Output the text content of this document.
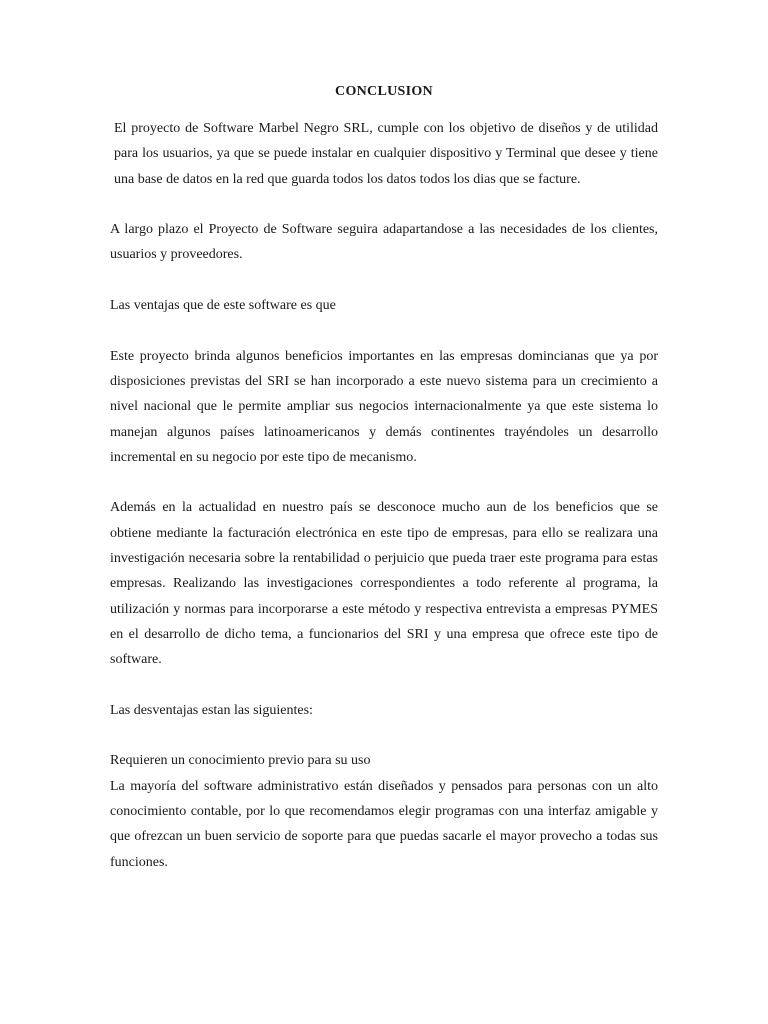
CONCLUSION

El proyecto de Software Marbel Negro SRL, cumple con los objetivo de diseños y de utilidad para los usuarios, ya que se puede instalar en cualquier dispositivo y Terminal que desee y tiene una base de datos en la red que guarda todos los datos todos los dias que se facture.

A largo plazo el Proyecto de Software seguira adapartandose a las necesidades de los clientes, usuarios y proveedores.

Las ventajas que de este software es que

Este proyecto brinda algunos beneficios importantes en las empresas domincianas que ya por disposiciones previstas del SRI se han incorporado a este nuevo sistema para un crecimiento a nivel nacional que le permite ampliar sus negocios internacionalmente ya que este sistema lo manejan algunos países latinoamericanos y demás continentes trayéndoles un desarrollo incremental en su negocio por este tipo de mecanismo.

Además en la actualidad en nuestro país se desconoce mucho aun de los beneficios que se obtiene mediante la facturación electrónica en este tipo de empresas, para ello se realizara una investigación necesaria sobre la rentabilidad o perjuicio que pueda traer este programa para estas empresas. Realizando las investigaciones correspondientes a todo referente al programa, la utilización y normas para incorporarse a este método y respectiva entrevista a empresas PYMES en el desarrollo de dicho tema, a funcionarios del SRI y una empresa que ofrece este tipo de software.

Las desventajas estan las siguientes:

Requieren un conocimiento previo para su uso

La mayoría del software administrativo están diseñados y pensados para personas con un alto conocimiento contable, por lo que recomendamos elegir programas con una interfaz amigable y que ofrezcan un buen servicio de soporte para que puedas sacarle el mayor provecho a todas sus funciones.
